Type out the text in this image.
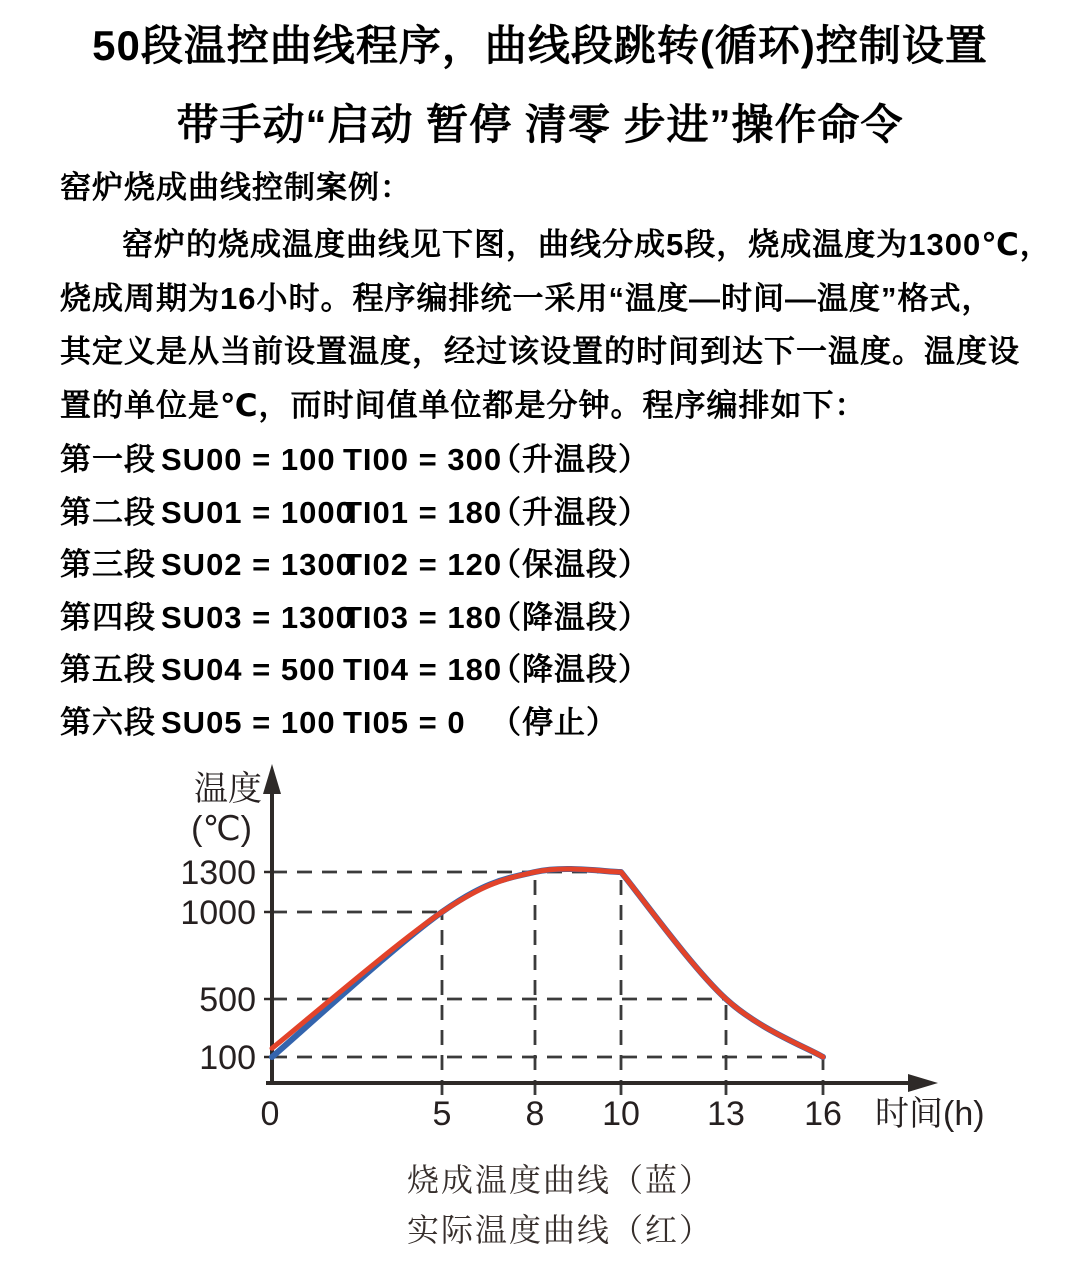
50段温控曲线程序，曲线段跳转(循环)控制设置
带手动“启动 暂停 清零 步进”操作命令
窑炉烧成曲线控制案例：
窑炉的烧成温度曲线见下图，曲线分成5段，烧成温度为1300℃，
烧成周期为16小时。程序编排统一采用“温度—时间—温度”格式，
其定义是从当前设置温度，经过该设置的时间到达下一温度。温度设
置的单位是℃，而时间值单位都是分钟。程序编排如下：
第一段 SU00 = 100 TI00 = 300
（升温段）
第二段 SU01 = 1000
TI01 = 180
（升温段）
第三段 SU02 = 1300
TI02 = 120
（保温段）
第四段 SU03 = 1300
TI03 = 180
（降温段）
第五段 SU04 = 500 TI04 = 180
（降温段）
第六段 SU05 = 100 TI05 = 0 （停止）
温度
(℃)
1300
1000
500
100
0	5 8 10 13 16 时间(h)
烧成温度曲线（蓝）
实际温度曲线（红）
